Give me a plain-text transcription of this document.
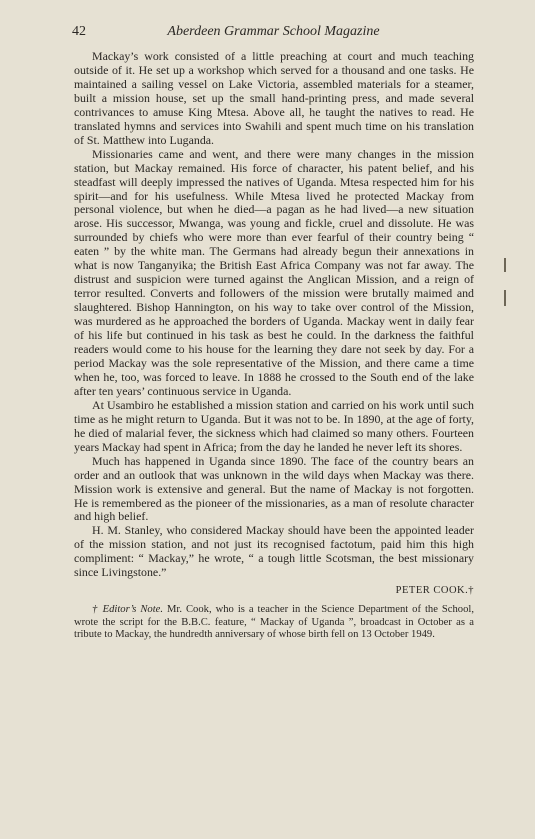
42	Aberdeen Grammar School Magazine

Mackay’s work consisted of a little preaching at court and much teaching outside of it. He set up a workshop which served for a thousand and one tasks. He maintained a sailing vessel on Lake Victoria, assembled materials for a steamer, built a mission house, set up the small hand-printing press, and made several contrivances to amuse King Mtesa. Above all, he taught the natives to read. He translated hymns and services into Swahili and spent much time on his translation of St. Matthew into Luganda.

Missionaries came and went, and there were many changes in the mission station, but Mackay remained. His force of character, his patent belief, and his steadfast will deeply impressed the natives of Uganda. Mtesa respected him for his spirit—and for his usefulness. While Mtesa lived he protected Mackay from personal violence, but when he died—a pagan as he had lived—a new situation arose. His successor, Mwanga, was young and fickle, cruel and dissolute. He was surrounded by chiefs who were more than ever fearful of their country being “ eaten ” by the white man. The Germans had already begun their annexations in what is now Tanganyika; the British East Africa Company was not far away. The distrust and suspicion were turned against the Anglican Mission, and a reign of terror resulted. Converts and followers of the mission were brutally maimed and slaughtered. Bishop Hannington, on his way to take over control of the Mission, was murdered as he approached the borders of Uganda. Mackay went in daily fear of his life but continued in his task as best he could. In the darkness the faithful readers would come to his house for the learning they dare not seek by day. For a period Mackay was the sole representative of the Mission, and there came a time when he, too, was forced to leave. In 1888 he crossed to the South end of the lake after ten years’ continuous service in Uganda.

At Usambiro he established a mission station and carried on his work until such time as he might return to Uganda. But it was not to be. In 1890, at the age of forty, he died of malarial fever, the sickness which had claimed so many others. Fourteen years Mackay had spent in Africa; from the day he landed he never left its shores.

Much has happened in Uganda since 1890. The face of the country bears an order and an outlook that was unknown in the wild days when Mackay was there. Mission work is extensive and general. But the name of Mackay is not forgotten. He is remembered as the pioneer of the missionaries, as a man of resolute character and high belief.

H. M. Stanley, who considered Mackay should have been the appointed leader of the mission station, and not just its recognised factotum, paid him this high compliment: “ Mackay,” he wrote, “ a tough little Scotsman, the best missionary since Livingstone.”

PETER COOK.†
† Editor’s Note. Mr. Cook, who is a teacher in the Science Department of the School, wrote the script for the B.B.C. feature, “ Mackay of Uganda ”, broadcast in October as a tribute to Mackay, the hundredth anniversary of whose birth fell on 13 October 1949.
